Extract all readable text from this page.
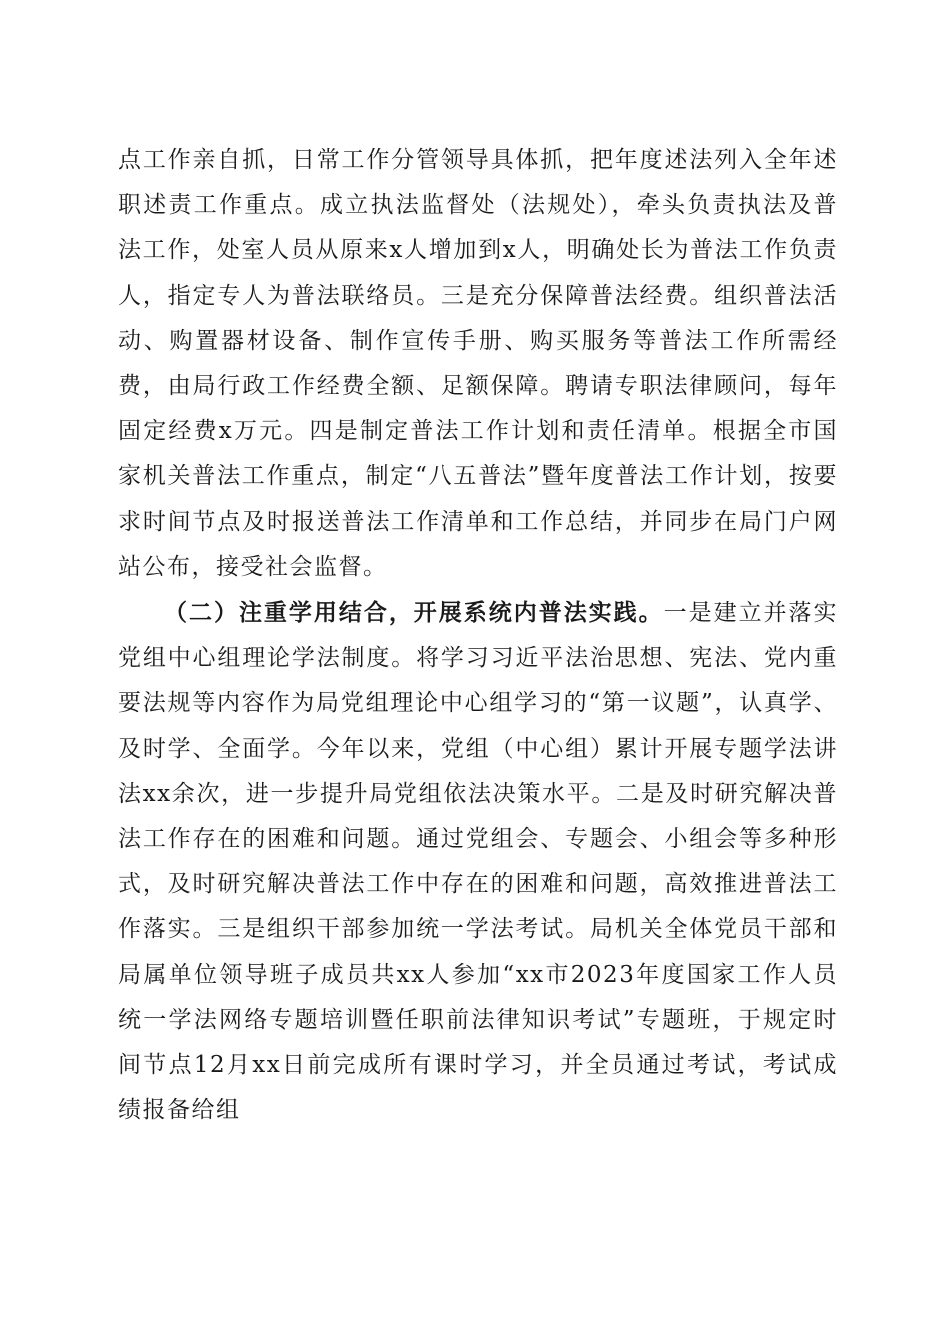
点工作亲自抓，日常工作分管领导具体抓，把年度述法列入全年述职述责工作重点。成立执法监督处（法规处），牵头负责执法及普法工作，处室人员从原来x人增加到x人，明确处长为普法工作负责人，指定专人为普法联络员。三是充分保障普法经费。组织普法活动、购置器材设备、制作宣传手册、购买服务等普法工作所需经费，由局行政工作经费全额、足额保障。聘请专职法律顾问，每年固定经费x万元。四是制定普法工作计划和责任清单。根据全市国家机关普法工作重点，制定“八五普法”暨年度普法工作计划，按要求时间节点及时报送普法工作清单和工作总结，并同步在局门户网站公布，接受社会监督。

（二）注重学用结合，开展系统内普法实践。一是建立并落实党组中心组理论学法制度。将学习习近平法治思想、宪法、党内重要法规等内容作为局党组理论中心组学习的“第一议题”，认真学、及时学、全面学。今年以来，党组（中心组）累计开展专题学法讲法xx余次，进一步提升局党组依法决策水平。二是及时研究解决普法工作存在的困难和问题。通过党组会、专题会、小组会等多种形式，及时研究解决普法工作中存在的困难和问题，高效推进普法工作落实。三是组织干部参加统一学法考试。局机关全体党员干部和局属单位领导班子成员共xx人参加“xx市2023年度国家工作人员统一学法网络专题培训暨任职前法律知识考试”专题班，于规定时间节点12月xx日前完成所有课时学习，并全员通过考试，考试成绩报备给组
